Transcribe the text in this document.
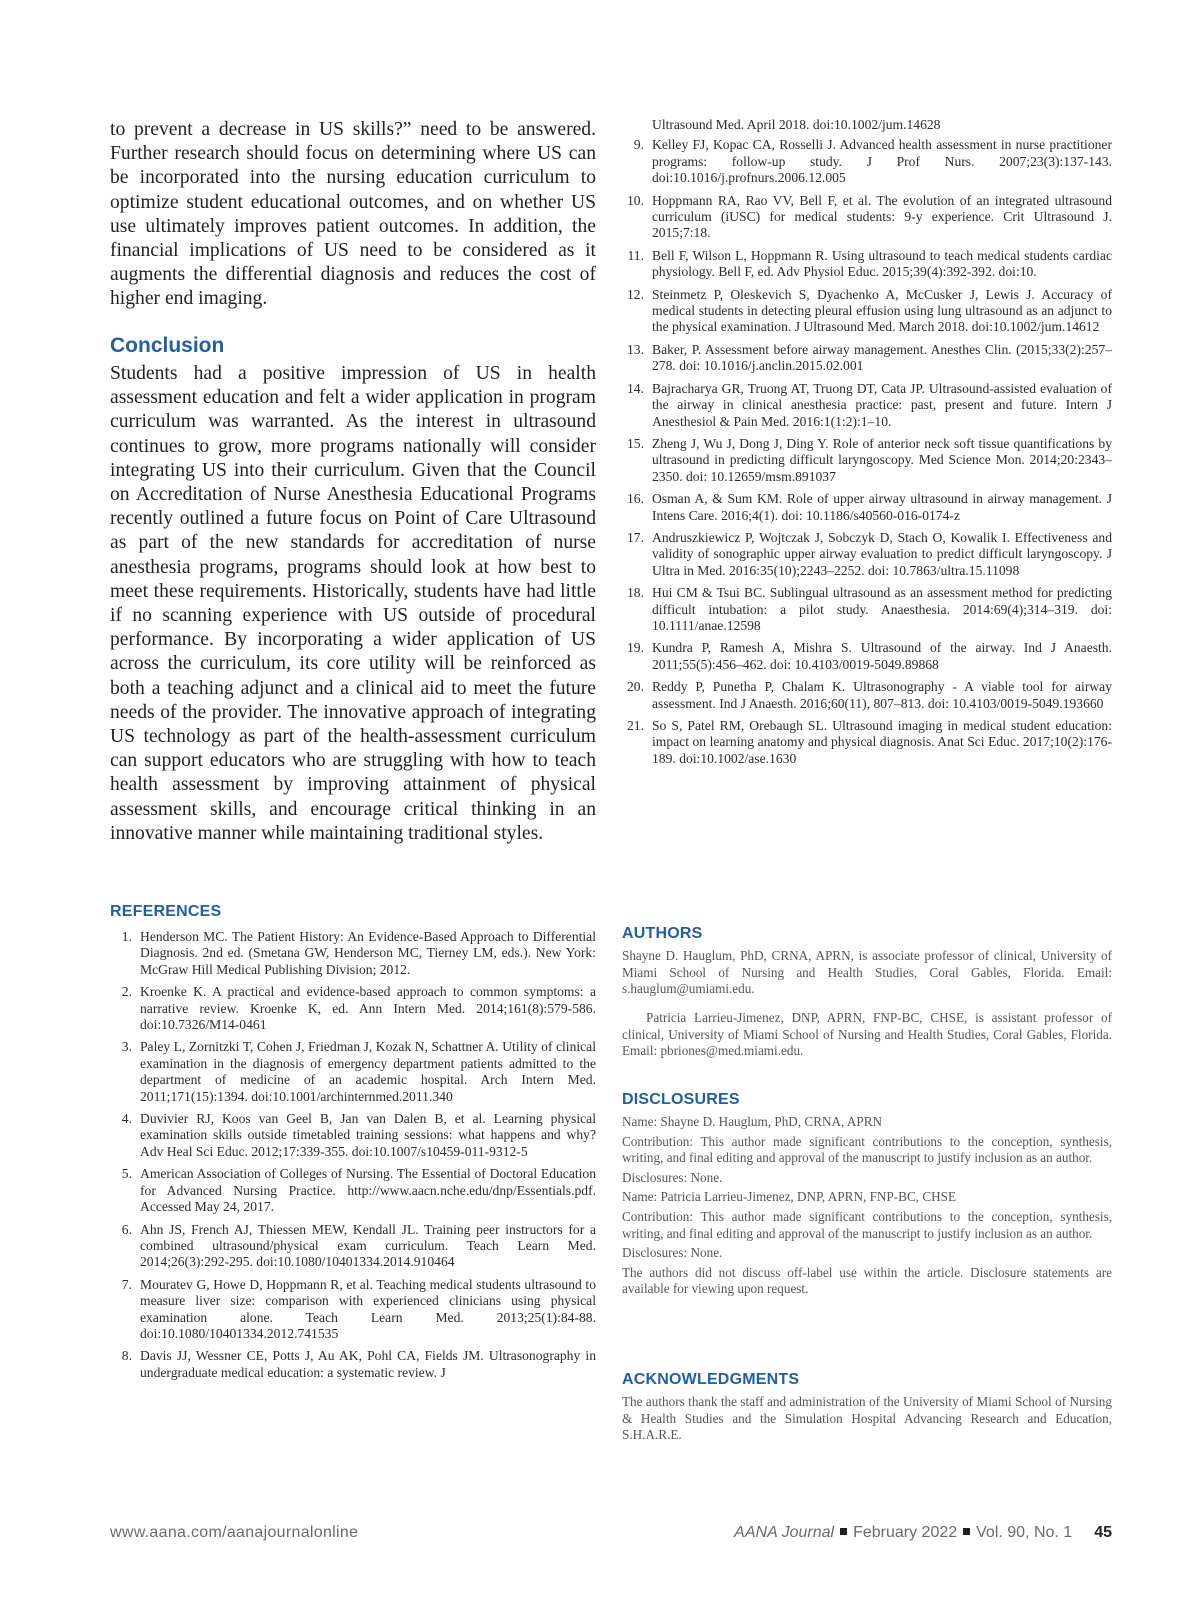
to prevent a decrease in US skills?” need to be answered. Further research should focus on determining where US can be incorporated into the nursing education curriculum to optimize student educational outcomes, and on whether US use ultimately improves patient outcomes. In addition, the financial implications of US need to be considered as it augments the differential diagnosis and reduces the cost of higher end imaging.

Conclusion

Students had a positive impression of US in health assessment education and felt a wider application in program curriculum was warranted. As the interest in ultrasound continues to grow, more programs nationally will consider integrating US into their curriculum. Given that the Council on Accreditation of Nurse Anesthesia Educational Programs recently outlined a future focus on Point of Care Ultrasound as part of the new standards for accreditation of nurse anesthesia programs, programs should look at how best to meet these requirements. Historically, students have had little if no scanning experience with US outside of procedural performance. By incorporating a wider application of US across the curriculum, its core utility will be reinforced as both a teaching adjunct and a clinical aid to meet the future needs of the provider. The innovative approach of integrating US technology as part of the health-assessment curriculum can support educators who are struggling with how to teach health assessment by improving attainment of physical assessment skills, and encourage critical thinking in an innovative manner while maintaining traditional styles.

REFERENCES
1. Henderson MC. The Patient History: An Evidence-Based Approach to Differential Diagnosis. 2nd ed. (Smetana GW, Henderson MC, Tierney LM, eds.). New York: McGraw Hill Medical Publishing Division; 2012.
2. Kroenke K. A practical and evidence-based approach to common symptoms: a narrative review. Kroenke K, ed. Ann Intern Med. 2014;161(8):579-586. doi:10.7326/M14-0461
3. Paley L, Zornitzki T, Cohen J, Friedman J, Kozak N, Schattner A. Utility of clinical examination in the diagnosis of emergency department patients admitted to the department of medicine of an academic hospital. Arch Intern Med. 2011;171(15):1394. doi:10.1001/archinternmed.2011.340
4. Duvivier RJ, Koos van Geel B, Jan van Dalen B, et al. Learning physical examination skills outside timetabled training sessions: what happens and why? Adv Heal Sci Educ. 2012;17:339-355. doi:10.1007/s10459-011-9312-5
5. American Association of Colleges of Nursing. The Essential of Doctoral Education for Advanced Nursing Practice. http://www.aacn.nche.edu/dnp/Essentials.pdf. Accessed May 24, 2017.
6. Ahn JS, French AJ, Thiessen MEW, Kendall JL. Training peer instructors for a combined ultrasound/physical exam curriculum. Teach Learn Med. 2014;26(3):292-295. doi:10.1080/10401334.2014.910464
7. Mouratev G, Howe D, Hoppmann R, et al. Teaching medical students ultrasound to measure liver size: comparison with experienced clinicians using physical examination alone. Teach Learn Med. 2013;25(1):84-88. doi:10.1080/10401334.2012.741535
8. Davis JJ, Wessner CE, Potts J, Au AK, Pohl CA, Fields JM. Ultrasonography in undergraduate medical education: a systematic review. J
Ultrasound Med. April 2018. doi:10.1002/jum.14628
9. Kelley FJ, Kopac CA, Rosselli J. Advanced health assessment in nurse practitioner programs: follow-up study. J Prof Nurs. 2007;23(3):137-143. doi:10.1016/j.profnurs.2006.12.005
10. Hoppmann RA, Rao VV, Bell F, et al. The evolution of an integrated ultrasound curriculum (iUSC) for medical students: 9-y experience. Crit Ultrasound J. 2015;7:18.
11. Bell F, Wilson L, Hoppmann R. Using ultrasound to teach medical students cardiac physiology. Bell F, ed. Adv Physiol Educ. 2015;39(4):392-392. doi:10.
12. Steinmetz P, Oleskevich S, Dyachenko A, McCusker J, Lewis J. Accuracy of medical students in detecting pleural effusion using lung ultrasound as an adjunct to the physical examination. J Ultrasound Med. March 2018. doi:10.1002/jum.14612
13. Baker, P. Assessment before airway management. Anesthes Clin. (2015;33(2):257–278. doi: 10.1016/j.anclin.2015.02.001
14. Bajracharya GR, Truong AT, Truong DT, Cata JP. Ultrasound-assisted evaluation of the airway in clinical anesthesia practice: past, present and future. Intern J Anesthesiol & Pain Med. 2016:1(1:2):1–10.
15. Zheng J, Wu J, Dong J, Ding Y. Role of anterior neck soft tissue quantifications by ultrasound in predicting difficult laryngoscopy. Med Science Mon. 2014;20:2343–2350. doi: 10.12659/msm.891037
16. Osman A, & Sum KM. Role of upper airway ultrasound in airway management. J Intens Care. 2016;4(1). doi: 10.1186/s40560-016-0174-z
17. Andruszkiewicz P, Wojtczak J, Sobczyk D, Stach O, Kowalik I. Effectiveness and validity of sonographic upper airway evaluation to predict difficult laryngoscopy. J Ultra in Med. 2016:35(10);2243–2252. doi: 10.7863/ultra.15.11098
18. Hui CM & Tsui BC. Sublingual ultrasound as an assessment method for predicting difficult intubation: a pilot study. Anaesthesia. 2014:69(4);314–319. doi: 10.1111/anae.12598
19. Kundra P, Ramesh A, Mishra S. Ultrasound of the airway. Ind J Anaesth. 2011;55(5):456–462. doi: 10.4103/0019-5049.89868
20. Reddy P, Punetha P, Chalam K. Ultrasonography - A viable tool for airway assessment. Ind J Anaesth. 2016;60(11), 807–813. doi: 10.4103/0019-5049.193660
21. So S, Patel RM, Orebaugh SL. Ultrasound imaging in medical student education: impact on learning anatomy and physical diagnosis. Anat Sci Educ. 2017;10(2):176-189. doi:10.1002/ase.1630
AUTHORS

Shayne D. Hauglum, PhD, CRNA, APRN, is associate professor of clinical, University of Miami School of Nursing and Health Studies, Coral Gables, Florida. Email: s.hauglum@umiami.edu.

Patricia Larrieu-Jimenez, DNP, APRN, FNP-BC, CHSE, is assistant professor of clinical, University of Miami School of Nursing and Health Studies, Coral Gables, Florida. Email: pbriones@med.miami.edu.

DISCLOSURES

Name: Shayne D. Hauglum, PhD, CRNA, APRN

Contribution: This author made significant contributions to the conception, synthesis, writing, and final editing and approval of the manuscript to justify inclusion as an author.

Disclosures: None.

Name: Patricia Larrieu-Jimenez, DNP, APRN, FNP-BC, CHSE

Contribution: This author made significant contributions to the conception, synthesis, writing, and final editing and approval of the manuscript to justify inclusion as an author.

Disclosures: None.

The authors did not discuss off-label use within the article. Disclosure statements are available for viewing upon request.

ACKNOWLEDGMENTS

The authors thank the staff and administration of the University of Miami School of Nursing & Health Studies and the Simulation Hospital Advancing Research and Education, S.H.A.R.E.

www.aana.com/aanajournalonline	AANA Journal February 2022 Vol. 90, No. 1 45
